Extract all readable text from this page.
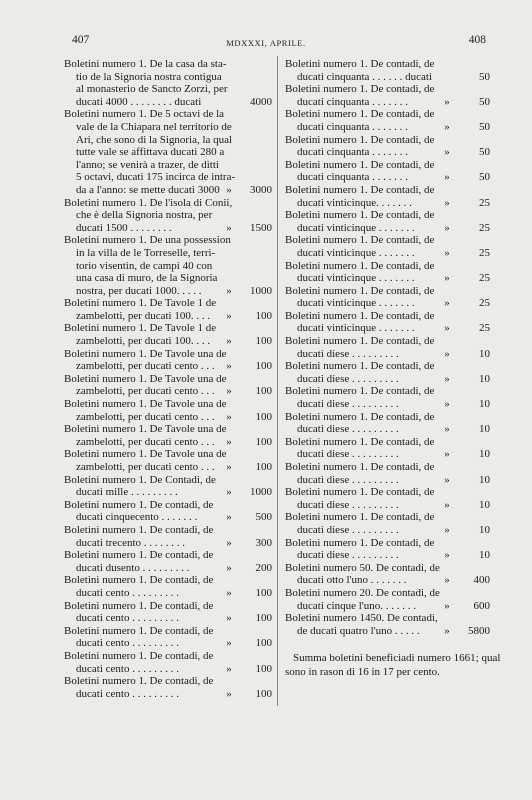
407	MDXXXI, APRILE.	408
Boletini numero 1. De la casa da sta-
tio de la Signoria nostra contigua
al monasterio de Sancto Zorzi, per
ducati 4000 . . . . . . . . ducati	4000
Boletini numero 1. De 5 octavi de la
vale de la Chiapara nel territorio de
Ari, che sono di la Signoria, la qual
tutte vale se affittava ducati 280 a
l'anno; se venirà a trazer, de ditti
5 octavi, ducati 175 incirca de intra-
da a l'anno: se mette ducati 3000 »	3000
Boletini numero 1. De l'isola di Conii,
che è della Signoria nostra, per
ducati 1500 . . . . . . . .	»	1500
Boletini numero 1. De una possession
in la villa de le Torreselle, terri-
torio visentin, de campi 40 con
una casa di muro, de la Signoria
nostra, per ducati 1000. . . . .	»	1000
Boletini numero 1. De Tavole 1 de
zambelotti, per ducati 100. . . .	»	100
Boletini numero 1. De Tavole 1 de
zambelotti, per ducati 100. . . .	»	100
Boletini numero 1. De Tavole una de
zambelotti, per ducati cento . . .	»	100
Boletini numero 1. De Tavole una de
zambelotti, per ducati cento . . .	»	100
Boletini numero 1. De Tavole una de
zambelotti, per ducati cento . . .	»	100
Boletini numero 1. De Tavole una de
zambelotti, per ducati cento . . .	»	100
Boletini numero 1. De Tavole una de
zambelotti, per ducati cento . . .	»	100
Boletini numero 1. De Contadi, de
ducati mille . . . . . . . . .	»	1000
Boletini numero 1. De contadi, de
ducati cinquecento . . . . . . .	»	500
Boletini numero 1. De contadi, de
ducati trecento . . . . . . . .	»	300
Boletini numero 1. De contadi, de
ducati dusento . . . . . . . . .	»	200
Boletini numero 1. De contadi, de
ducati cento . . . . . . . . .	»	100
Boletini numero 1. De contadi, de
ducati cento . . . . . . . . .	»	100
Boletini numero 1. De contadi, de
ducati cento . . . . . . . . .	»	100
Boletini numero 1. De contadi, de
ducati cento . . . . . . . . .	»	100
Boletini numero 1. De contadi, de
ducati cento . . . . . . . . .	»	100
Boletini numero 1. De contadi, de
ducati cinquanta . . . . . . ducati	50
Boletini numero 1. De contadi, de
ducati cinquanta . . . . . . .	»	50
Boletini numero 1. De contadi, de
ducati cinquanta . . . . . . .	»	50
Boletini numero 1. De contadi, de
ducati cinquanta . . . . . . .	»	50
Boletini numero 1. De contadi, de
ducati cinquanta . . . . . . .	»	50
Boletini numero 1. De contadi, de
ducati vinticinque. . . . . . .	»	25
Boletini numero 1. De contadi, de
ducati vinticinque . . . . . . .	»	25
Boletini numero 1. De contadi, de
ducati vinticinque . . . . . . .	»	25
Boletini numero 1. De contadi, de
ducati vinticinque . . . . . . .	»	25
Boletini numero 1. De contadi, de
ducati vinticinque . . . . . . .	»	25
Boletini numero 1. De contadi, de
ducati vinticinque . . . . . . .	»	25
Boletini numero 1. De contadi, de
ducati diese . . . . . . . . .	»	10
Boletini numero 1. De contadi, de
ducati diese . . . . . . . . .	»	10
Boletini numero 1. De contadi, de
ducati diese . . . . . . . . .	»	10
Boletini numero 1. De contadi, de
ducati diese . . . . . . . . .	»	10
Boletini numero 1. De contadi, de
ducati diese . . . . . . . . .	»	10
Boletini numero 1. De contadi, de
ducati diese . . . . . . . . .	»	10
Boletini numero 1. De contadi, de
ducati diese . . . . . . . . .	»	10
Boletini numero 1. De contadi, de
ducati diese . . . . . . . . .	»	10
Boletini numero 1. De contadi, de
ducati diese . . . . . . . . .	»	10
Boletini numero 50. De contadi, de
ducati otto l'uno . . . . . . .	»	400
Boletini numero 20. De contadi, de
ducati cinque l'uno. . . . . . .	»	600
Boletini numero 1450. De contadi,
de ducati quatro l'uno . . . . .	»	5800
Summa boletini beneficiadi numero 1661; qual
sono in rason di 16 in 17 per cento.
